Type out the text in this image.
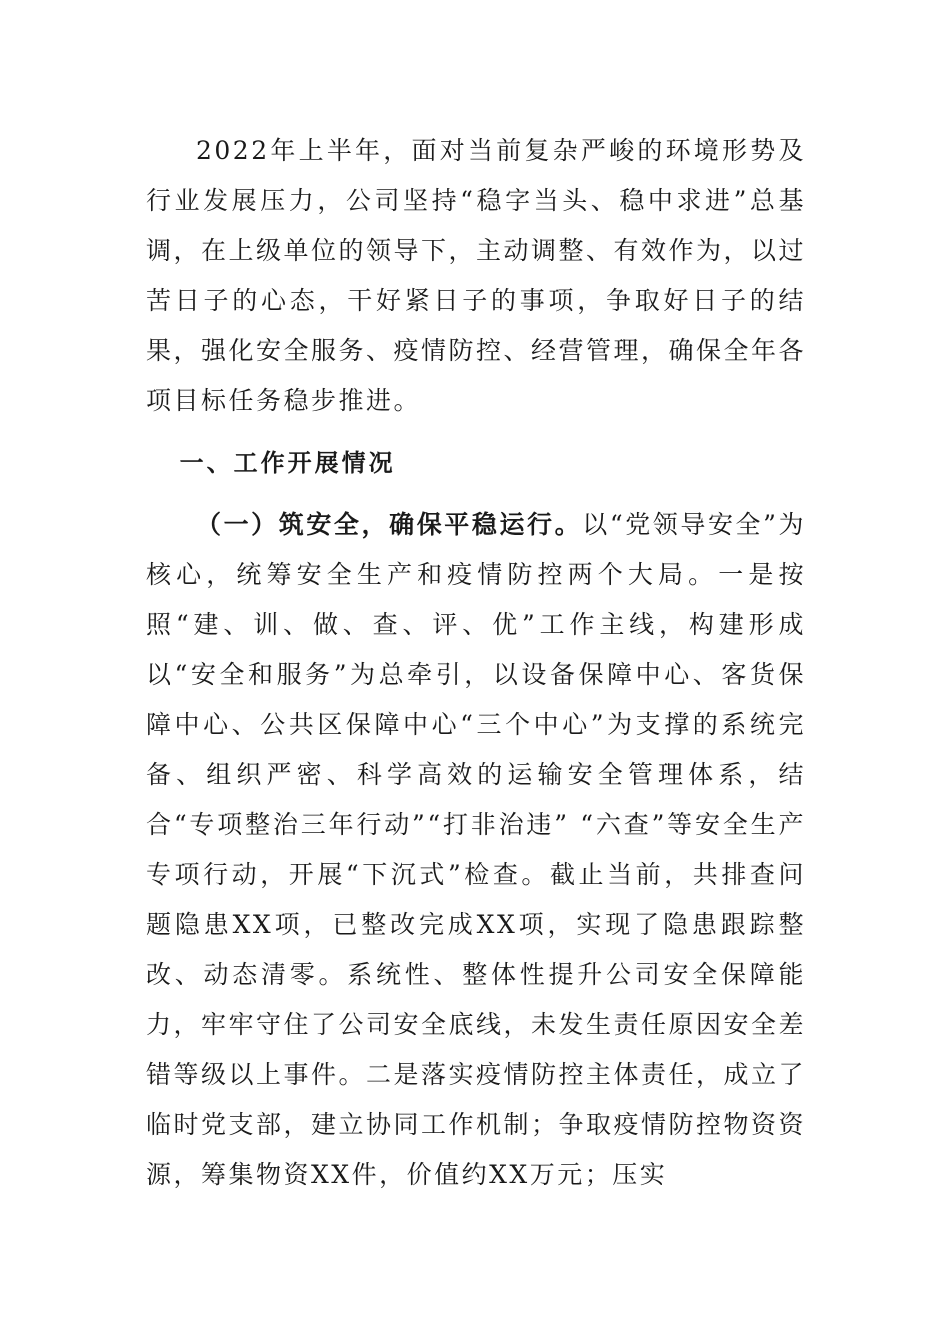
2022年上半年，面对当前复杂严峻的环境形势及行业发展压力，公司坚持“稳字当头、稳中求进”总基调，在上级单位的领导下，主动调整、有效作为，以过苦日子的心态，干好紧日子的事项，争取好日子的结果，强化安全服务、疫情防控、经营管理，确保全年各项目标任务稳步推进。

一、工作开展情况

（一）筑安全，确保平稳运行。以“党领导安全”为核心，统筹安全生产和疫情防控两个大局。一是按照“建、训、做、查、评、优”工作主线，构建形成以“安全和服务”为总牵引，以设备保障中心、客货保障中心、公共区保障中心“三个中心”为支撑的系统完备、组织严密、科学高效的运输安全管理体系，结合“专项整治三年行动”“打非治违” “六查”等安全生产专项行动，开展“下沉式”检查。截止当前，共排查问题隐患XX项，已整改完成XX项，实现了隐患跟踪整改、动态清零。系统性、整体性提升公司安全保障能力，牢牢守住了公司安全底线，未发生责任原因安全差错等级以上事件。二是落实疫情防控主体责任，成立了临时党支部，建立协同工作机制；争取疫情防控物资资源，筹集物资XX件，价值约XX万元；压实
